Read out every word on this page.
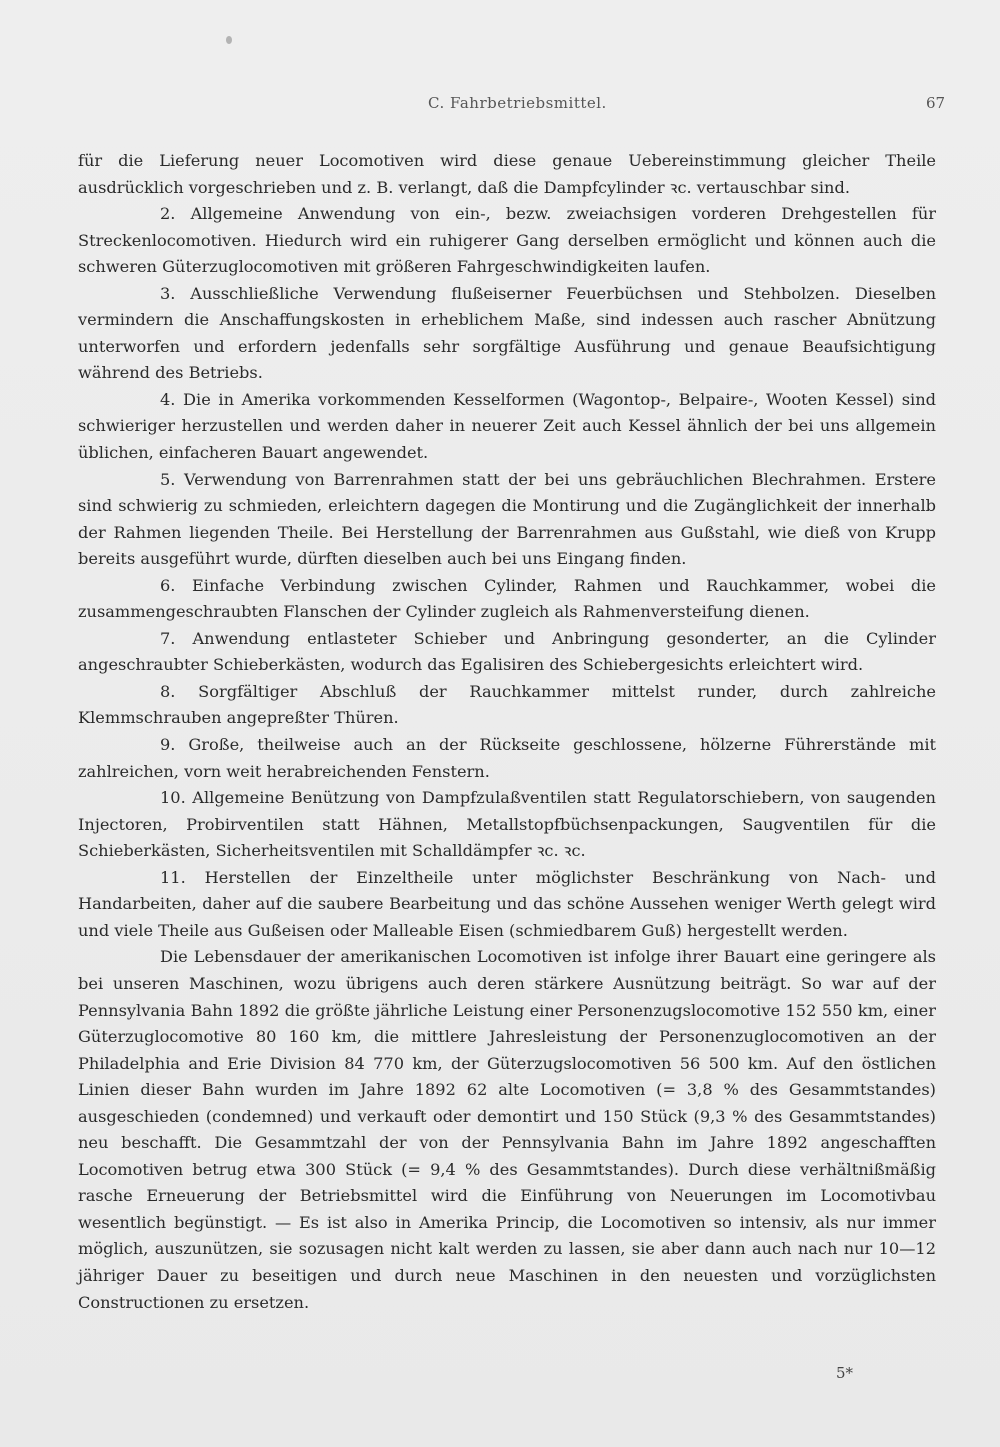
C. Fahrbetriebsmittel.	67

für die Lieferung neuer Locomotiven wird diese genaue Uebereinstimmung gleicher Theile ausdrücklich vorgeschrieben und z. B. verlangt, daß die Dampfcylinder ꝛc. vertauschbar sind.

2. Allgemeine Anwendung von ein-, bezw. zweiachsigen vorderen Drehgestellen für Streckenlocomotiven. Hiedurch wird ein ruhigerer Gang derselben ermöglicht und können auch die schweren Güterzuglocomotiven mit größeren Fahrgeschwindigkeiten laufen.

3. Ausschließliche Verwendung flußeiserner Feuerbüchsen und Stehbolzen. Dieselben vermindern die Anschaffungskosten in erheblichem Maße, sind indessen auch rascher Abnützung unterworfen und erfordern jedenfalls sehr sorgfältige Ausführung und genaue Beaufsichtigung während des Betriebs.

4. Die in Amerika vorkommenden Kesselformen (Wagontop-, Belpaire-, Wooten Kessel) sind schwieriger herzustellen und werden daher in neuerer Zeit auch Kessel ähnlich der bei uns allgemein üblichen, einfacheren Bauart angewendet.

5. Verwendung von Barrenrahmen statt der bei uns gebräuchlichen Blechrahmen. Erstere sind schwierig zu schmieden, erleichtern dagegen die Montirung und die Zugänglichkeit der innerhalb der Rahmen liegenden Theile. Bei Herstellung der Barrenrahmen aus Gußstahl, wie dieß von Krupp bereits ausgeführt wurde, dürften dieselben auch bei uns Eingang finden.

6. Einfache Verbindung zwischen Cylinder, Rahmen und Rauchkammer, wobei die zusammengeschraubten Flanschen der Cylinder zugleich als Rahmenversteifung dienen.

7. Anwendung entlasteter Schieber und Anbringung gesonderter, an die Cylinder angeschraubter Schieberkästen, wodurch das Egalisiren des Schiebergesichts erleichtert wird.

8. Sorgfältiger Abschluß der Rauchkammer mittelst runder, durch zahlreiche Klemmschrauben angepreßter Thüren.

9. Große, theilweise auch an der Rückseite geschlossene, hölzerne Führerstände mit zahlreichen, vorn weit herabreichenden Fenstern.

10. Allgemeine Benützung von Dampfzulaßventilen statt Regulatorschiebern, von saugenden Injectoren, Probirventilen statt Hähnen, Metallstopfbüchsenpackungen, Saugventilen für die Schieberkästen, Sicherheitsventilen mit Schalldämpfer ꝛc. ꝛc.

11. Herstellen der Einzeltheile unter möglichster Beschränkung von Nach- und Handarbeiten, daher auf die saubere Bearbeitung und das schöne Aussehen weniger Werth gelegt wird und viele Theile aus Gußeisen oder Malleable Eisen (schmiedbarem Guß) hergestellt werden.

Die Lebensdauer der amerikanischen Locomotiven ist infolge ihrer Bauart eine geringere als bei unseren Maschinen, wozu übrigens auch deren stärkere Ausnützung beiträgt. So war auf der Pennsylvania Bahn 1892 die größte jährliche Leistung einer Personenzugslocomotive 152 550 km, einer Güterzuglocomotive 80 160 km, die mittlere Jahresleistung der Personenzuglocomotiven an der Philadelphia and Erie Division 84 770 km, der Güterzugslocomotiven 56 500 km. Auf den östlichen Linien dieser Bahn wurden im Jahre 1892 62 alte Locomotiven (= 3,8 % des Gesammtstandes) ausgeschieden (condemned) und verkauft oder demontirt und 150 Stück (9,3 % des Gesammtstandes) neu beschafft. Die Gesammtzahl der von der Pennsylvania Bahn im Jahre 1892 angeschafften Locomotiven betrug etwa 300 Stück (= 9,4 % des Gesammtstandes). Durch diese verhältnißmäßig rasche Erneuerung der Betriebsmittel wird die Einführung von Neuerungen im Locomotivbau wesentlich begünstigt. — Es ist also in Amerika Princip, die Locomotiven so intensiv, als nur immer möglich, auszunützen, sie sozusagen nicht kalt werden zu lassen, sie aber dann auch nach nur 10—12 jähriger Dauer zu beseitigen und durch neue Maschinen in den neuesten und vorzüglichsten Constructionen zu ersetzen.

5*
